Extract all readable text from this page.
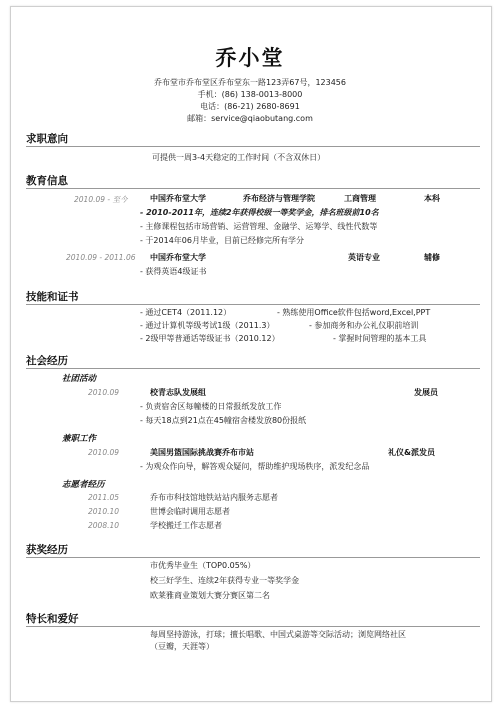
乔小堂
乔布堂市乔布堂区乔布堂东一路123弄67号，123456
手机：(86) 138-0013-8000
电话：(86-21) 2680-8691
邮箱：service@qiaobutang.com
求职意向
可提供一周3-4天稳定的工作时间（不含双休日）
教育信息
2010.09 - 至今	中国乔布堂大学	乔布经济与管理学院	工商管理	本科
- 2010-2011年，连续2年获得校级一等奖学金，排名班级前10名
- 主修课程包括市场营销、运营管理、金融学、运筹学、线性代数等
- 于2014年06月毕业，目前已经修完所有学分
2010.09 - 2011.06 中国乔布堂大学	英语专业	辅修
- 获得英语4级证书
技能和证书
- 通过CET4（2011.12）	- 熟练使用Office软件包括word,Excel,PPT
- 通过计算机等级考试1级（2011.3）	- 参加商务和办公礼仪职前培训
- 2级甲等普通话等级证书（2010.12）	- 掌握时间管理的基本工具
社会经历
社团活动
2010.09	校青志队发展组	发展员
- 负责宿舍区每幢楼的日常报纸发放工作
- 每天18点到21点在45幢宿舍楼发放80份报纸
兼职工作
2010.09	美国男篮国际挑战赛乔布市站	礼仪&派发员
- 为观众作向导，解答观众疑问，帮助维护现场秩序，派发纪念品
志愿者经历
2011.05	乔布市科技馆地铁站站内服务志愿者
2010.10	世博会临时调用志愿者
2008.10	学校搬迁工作志愿者
获奖经历
市优秀毕业生（TOP0.05%）
校三好学生、连续2年获得专业一等奖学金
欧莱雅商业策划大赛分赛区第二名
特长和爱好
每周坚持游泳，打球；擅长唱歌、中国式桌游等交际活动；浏览网络社区
（豆瓣，天涯等）
